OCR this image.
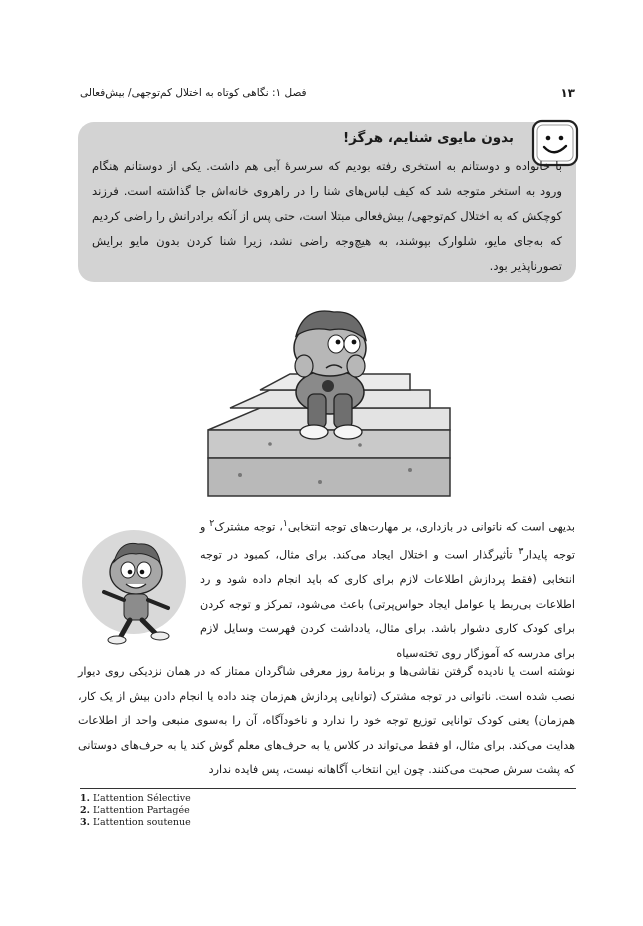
۱۳
فصل ۱: نگاهی کوتاه به اختلال کم‌توجهی/ بیش‌فعالی
بدون مایوی شنایم، هرگز!
با خانواده و دوستانم به استخری رفته بودیم که سرسرهٔ آبی هم داشت. یکی از دوستانم هنگام ورود به استخر متوجه شد که کیف لباس‌های شنا را در راهروی خانه‌اش جا گذاشته است. فرزند کوچکش که به اختلال کم‌توجهی/ بیش‌فعالی مبتلا است، حتی پس از آنکه برادرانش را راضی کردیم که به‌جای مایو، شلوارک بپوشند، به هیچ‌وجه راضی نشد، زیرا شنا کردن بدون مایو برایش تصورناپذیر بود.

بدیهی است که ناتوانی در بازداری، بر مهارت‌های توجه انتخابی$^۱$، توجه مشترک$^۲$ و توجه پایدار$^۳$ تأثیرگذار است و اختلال ایجاد می‌کند. برای مثال، کمبود در توجه انتخابی (فقط پردازش اطلاعات لازم برای کاری که باید انجام داده شود و رد اطلاعات بی‌ربط یا عوامل ایجاد حواس‌پرتی) باعث می‌شود، تمرکز و توجه کردن برای کودک کاری دشوار باشد. برای مثال، یادداشت کردن فهرست وسایل لازم برای مدرسه که آموزگار روی تخته‌سیاه

نوشته است یا نادیده گرفتن نقاشی‌ها و برنامهٔ روز معرفی شاگردان ممتاز که در همان نزدیکی روی دیوار نصب شده است. ناتوانی در توجه مشترک (توانایی پردازش هم‌زمان چند داده یا انجام دادن بیش از یک کار، هم‌زمان) یعنی کودک توانایی توزیع توجه خود را ندارد و ناخودآگاه، آن را به‌سوی منبعی واحد از اطلاعات هدایت می‌کند. برای مثال، او فقط می‌تواند در کلاس یا به حرف‌های معلم گوش کند یا به حرف‌های دوستانی که پشت سرش صحبت می‌کنند. چون این انتخاب آگاهانه نیست، پس فایده ندارد

1. L’attention Sélective
2. L’attention Partagée
3. L’attention soutenue
